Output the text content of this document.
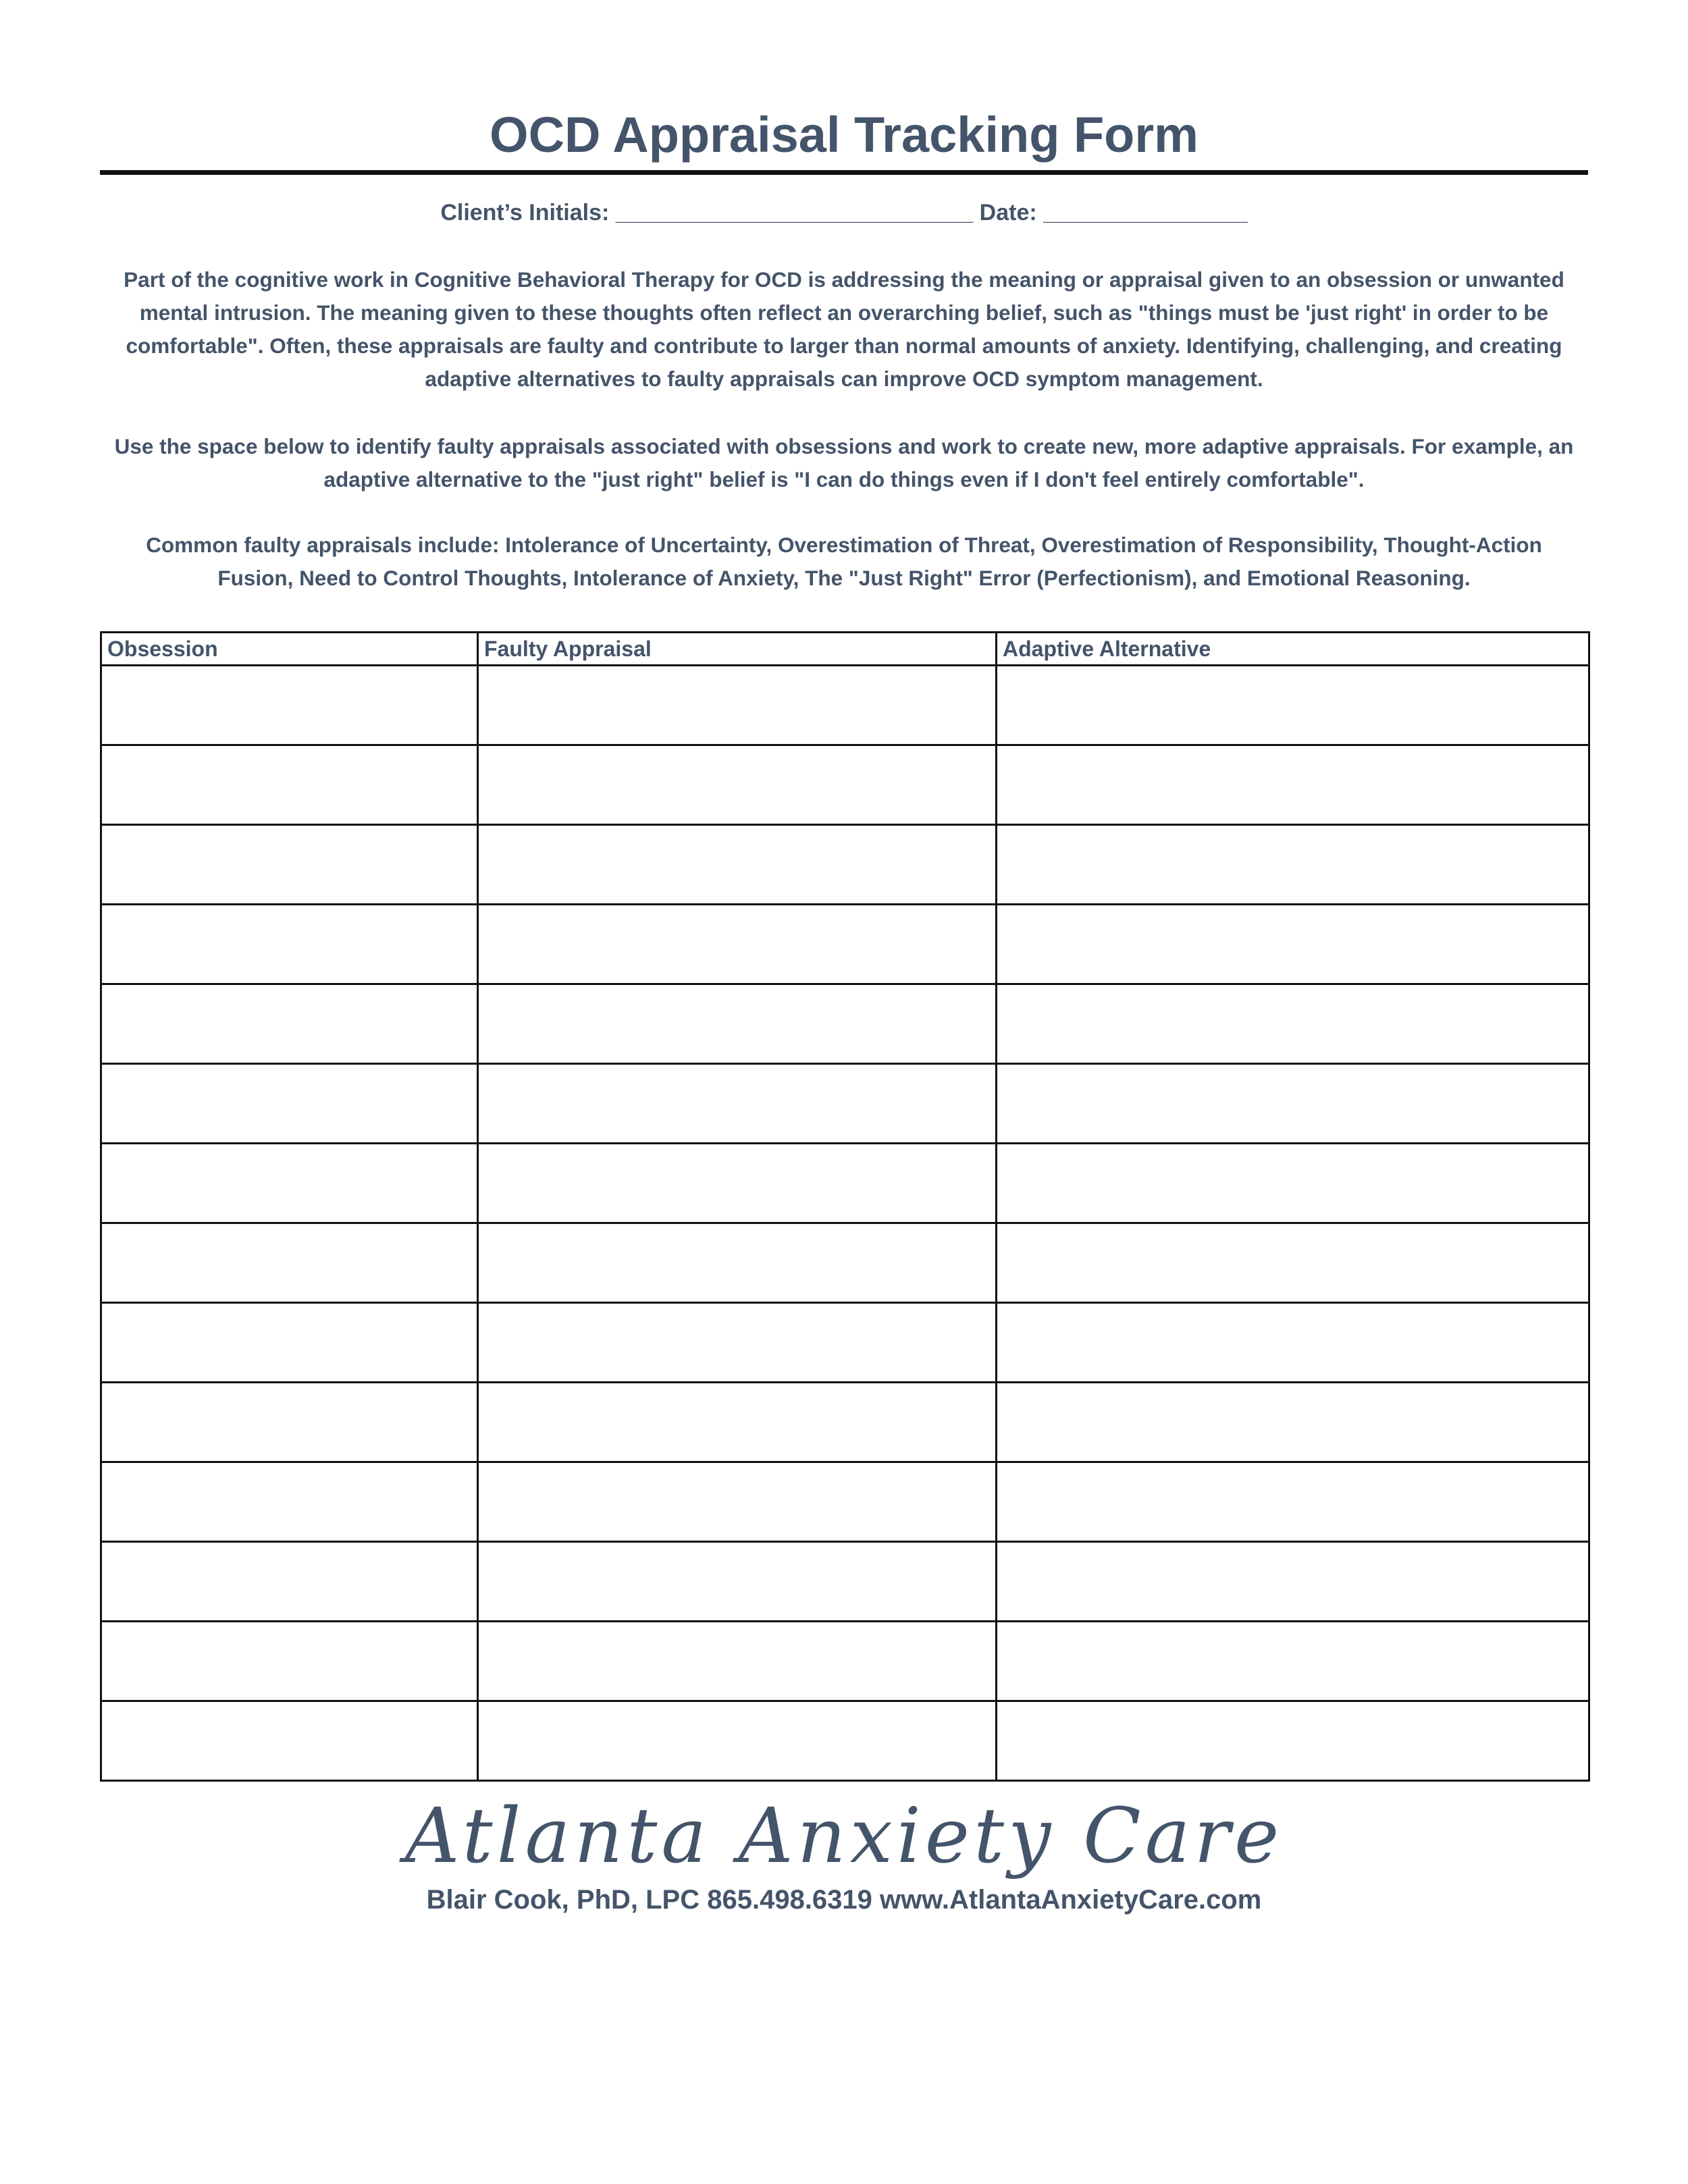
OCD Appraisal Tracking Form
Client’s Initials: ____________________________ Date: ________________
Part of the cognitive work in Cognitive Behavioral Therapy for OCD is addressing the meaning or appraisal given to an obsession or unwanted mental intrusion. The meaning given to these thoughts often reflect an overarching belief, such as "things must be 'just right' in order to be comfortable". Often, these appraisals are faulty and contribute to larger than normal amounts of anxiety. Identifying, challenging, and creating adaptive alternatives to faulty appraisals can improve OCD symptom management.
Use the space below to identify faulty appraisals associated with obsessions and work to create new, more adaptive appraisals. For example, an adaptive alternative to the "just right" belief is "I can do things even if I don't feel entirely comfortable".
Common faulty appraisals include: Intolerance of Uncertainty, Overestimation of Threat, Overestimation of Responsibility, Thought-Action Fusion, Need to Control Thoughts, Intolerance of Anxiety, The "Just Right" Error (Perfectionism), and Emotional Reasoning.
Obsession	Faulty Appraisal	Adaptive Alternative

Atlanta Anxiety Care
Blair Cook, PhD, LPC 865.498.6319 www.AtlantaAnxietyCare.com
